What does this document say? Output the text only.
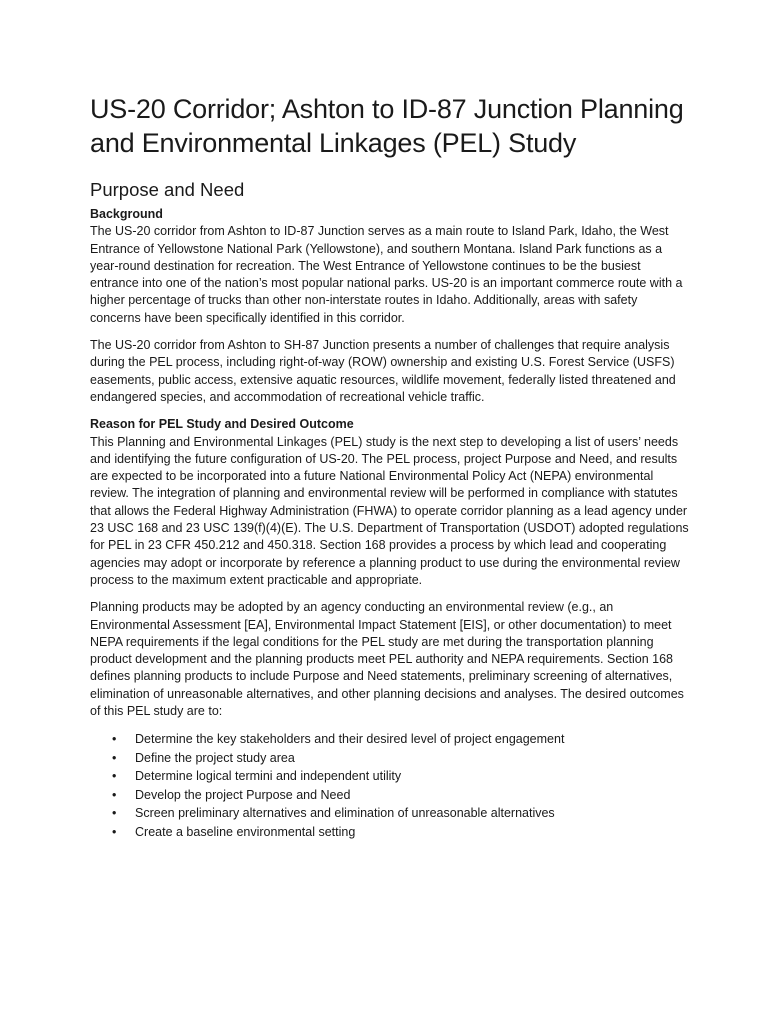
US-20 Corridor; Ashton to ID-87 Junction Planning and Environmental Linkages (PEL) Study
Purpose and Need
Background

The US-20 corridor from Ashton to ID-87 Junction serves as a main route to Island Park, Idaho, the West Entrance of Yellowstone National Park (Yellowstone), and southern Montana. Island Park functions as a year-round destination for recreation. The West Entrance of Yellowstone continues to be the busiest entrance into one of the nation’s most popular national parks. US-20 is an important commerce route with a higher percentage of trucks than other non-interstate routes in Idaho. Additionally, areas with safety concerns have been specifically identified in this corridor.

The US-20 corridor from Ashton to SH-87 Junction presents a number of challenges that require analysis during the PEL process, including right-of-way (ROW) ownership and existing U.S. Forest Service (USFS) easements, public access, extensive aquatic resources, wildlife movement, federally listed threatened and endangered species, and accommodation of recreational vehicle traffic.

Reason for PEL Study and Desired Outcome

This Planning and Environmental Linkages (PEL) study is the next step to developing a list of users’ needs and identifying the future configuration of US-20. The PEL process, project Purpose and Need, and results are expected to be incorporated into a future National Environmental Policy Act (NEPA) environmental review. The integration of planning and environmental review will be performed in compliance with statutes that allows the Federal Highway Administration (FHWA) to operate corridor planning as a lead agency under 23 USC 168 and 23 USC 139(f)(4)(E). The U.S. Department of Transportation (USDOT) adopted regulations for PEL in 23 CFR 450.212 and 450.318. Section 168 provides a process by which lead and cooperating agencies may adopt or incorporate by reference a planning product to use during the environmental review process to the maximum extent practicable and appropriate.

Planning products may be adopted by an agency conducting an environmental review (e.g., an Environmental Assessment [EA], Environmental Impact Statement [EIS], or other documentation) to meet NEPA requirements if the legal conditions for the PEL study are met during the transportation planning product development and the planning products meet PEL authority and NEPA requirements. Section 168 defines planning products to include Purpose and Need statements, preliminary screening of alternatives, elimination of unreasonable alternatives, and other planning decisions and analyses. The desired outcomes of this PEL study are to:

• Determine the key stakeholders and their desired level of project engagement
• Define the project study area
• Determine logical termini and independent utility
• Develop the project Purpose and Need
• Screen preliminary alternatives and elimination of unreasonable alternatives
• Create a baseline environmental setting
